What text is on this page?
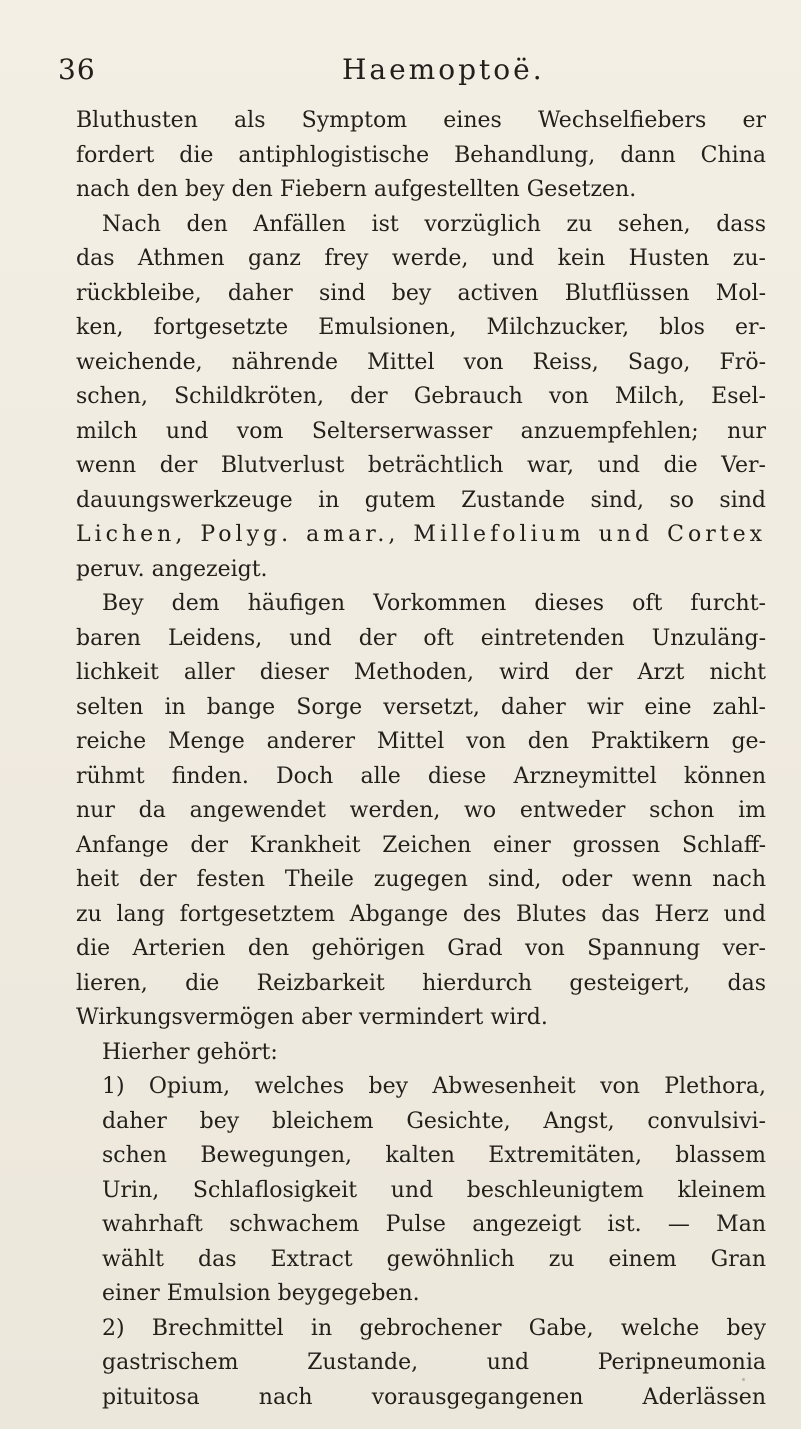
36	Haemoptoë.
Bluthusten als Symptom eines Wechselfiebers er
fordert die antiphlogistische Behandlung, dann China
nach den bey den Fiebern aufgestellten Gesetzen.
Nach den Anfällen ist vorzüglich zu sehen, dass
das Athmen ganz frey werde, und kein Husten zu-
rückbleibe, daher sind bey activen Blutflüssen Mol-
ken, fortgesetzte Emulsionen, Milchzucker, blos er-
weichende, nährende Mittel von Reiss, Sago, Frö-
schen, Schildkröten, der Gebrauch von Milch, Esel-
milch und vom Selterserwasser anzuempfehlen; nur
wenn der Blutverlust beträchtlich war, und die Ver-
dauungswerkzeuge in gutem Zustande sind, so sind
Lichen, Polyg. amar., Millefolium und Cortex
peruv. angezeigt.
Bey dem häufigen Vorkommen dieses oft furcht-
baren Leidens, und der oft eintretenden Unzuläng-
lichkeit aller dieser Methoden, wird der Arzt nicht
selten in bange Sorge versetzt, daher wir eine zahl-
reiche Menge anderer Mittel von den Praktikern ge-
rühmt finden. Doch alle diese Arzneymittel können
nur da angewendet werden, wo entweder schon im
Anfange der Krankheit Zeichen einer grossen Schlaff-
heit der festen Theile zugegen sind, oder wenn nach
zu lang fortgesetztem Abgange des Blutes das Herz und
die Arterien den gehörigen Grad von Spannung ver-
lieren, die Reizbarkeit hierdurch gesteigert, das
Wirkungsvermögen aber vermindert wird.
Hierher gehört:
1) Opium, welches bey Abwesenheit von Plethora,
daher bey bleichem Gesichte, Angst, convulsivi-
schen Bewegungen, kalten Extremitäten, blassem
Urin, Schlaflosigkeit und beschleunigtem kleinem
wahrhaft schwachem Pulse angezeigt ist. — Man
wählt das Extract gewöhnlich zu einem Gran
einer Emulsion beygegeben.
2) Brechmittel in gebrochener Gabe, welche bey
gastrischem Zustande, und Peripneumonia
pituitosa nach vorausgegangenen Aderlässen
